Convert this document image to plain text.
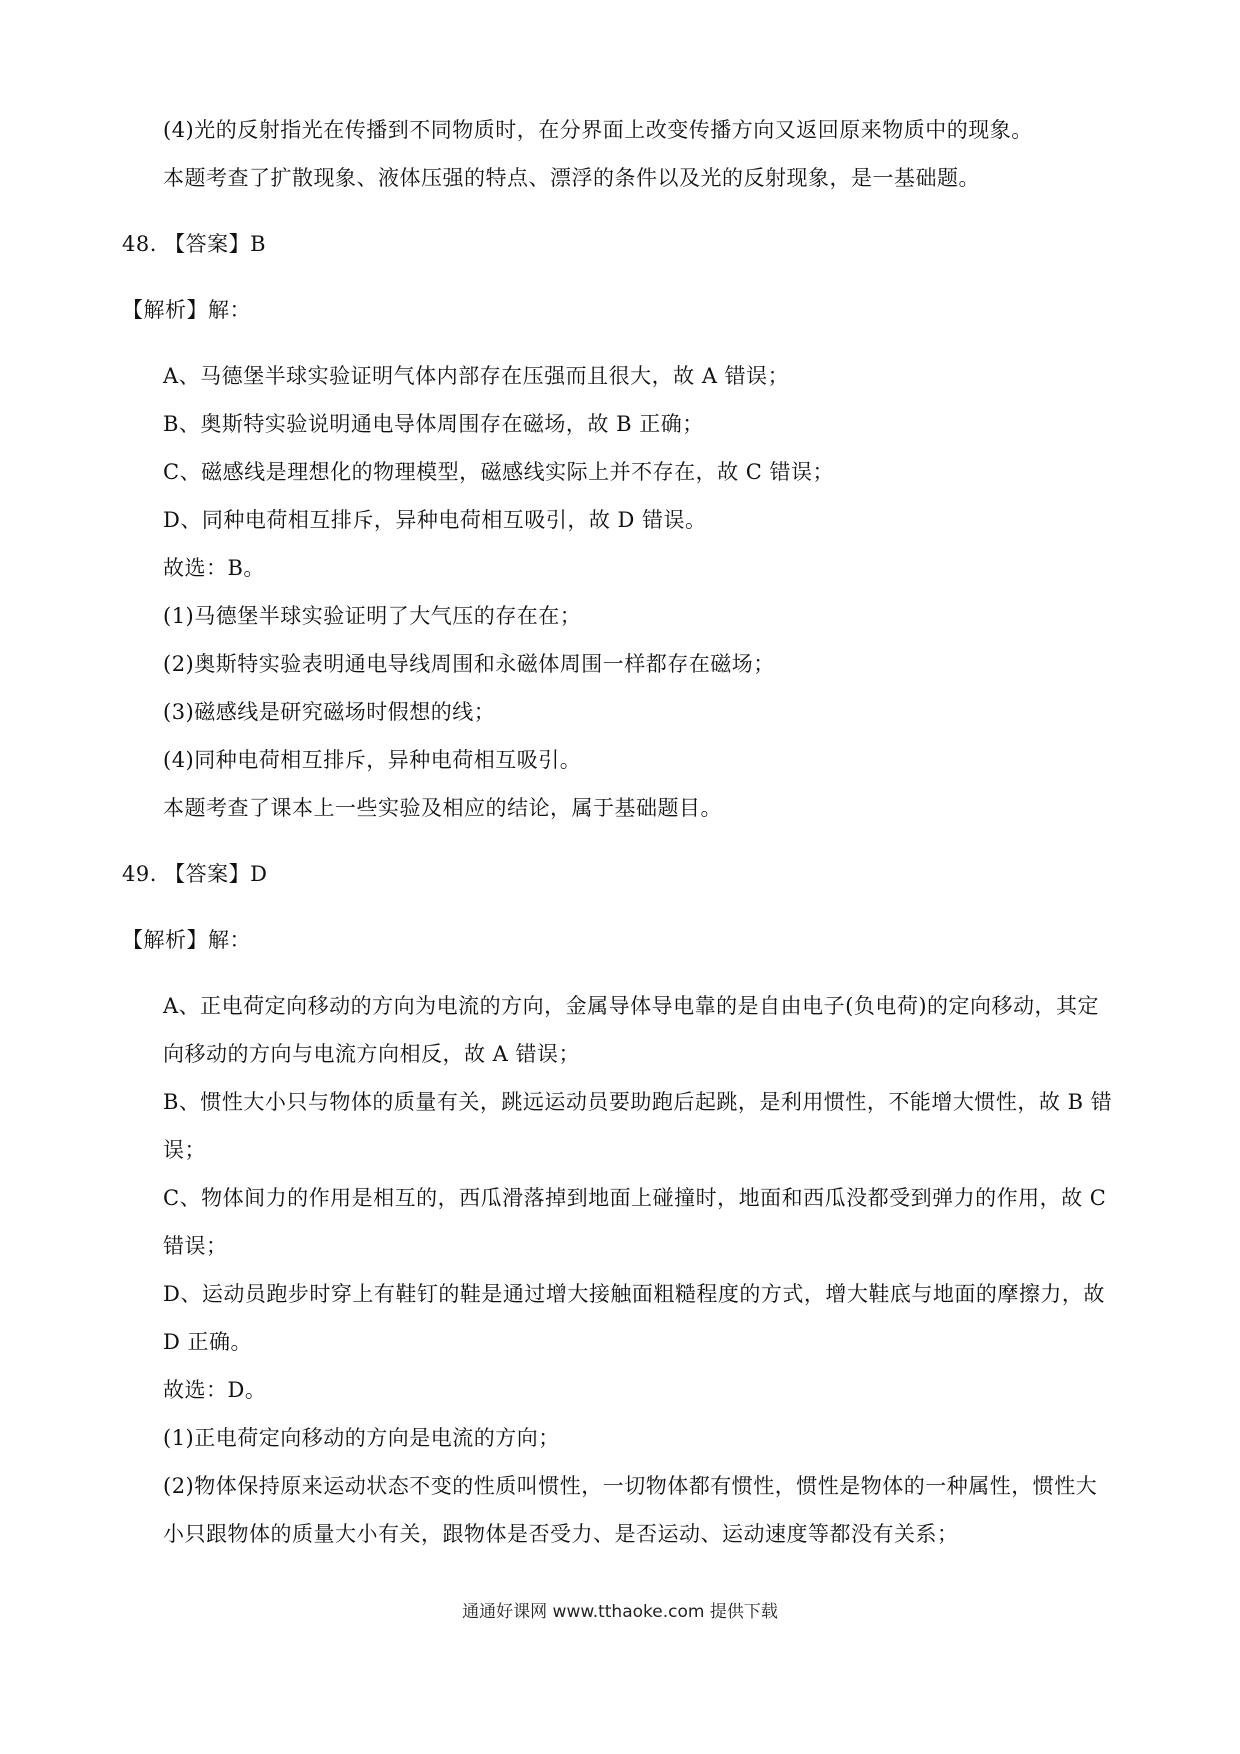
(4)光的反射指光在传播到不同物质时，在分界面上改变传播方向又返回原来物质中的现象。
本题考查了扩散现象、液体压强的特点、漂浮的条件以及光的反射现象，是一基础题。
48. 【答案】B
【解析】解：
A、马德堡半球实验证明气体内部存在压强而且很大，故 A 错误；
B、奥斯特实验说明通电导体周围存在磁场，故 B 正确；
C、磁感线是理想化的物理模型，磁感线实际上并不存在，故 C 错误；
D、同种电荷相互排斥，异种电荷相互吸引，故 D 错误。
故选：B。
(1)马德堡半球实验证明了大气压的存在在；
(2)奥斯特实验表明通电导线周围和永磁体周围一样都存在磁场；
(3)磁感线是研究磁场时假想的线；
(4)同种电荷相互排斥，异种电荷相互吸引。
本题考查了课本上一些实验及相应的结论，属于基础题目。
49. 【答案】D
【解析】解：
A、正电荷定向移动的方向为电流的方向，金属导体导电靠的是自由电子(负电荷)的定向移动，其定
向移动的方向与电流方向相反，故 A 错误；
B、惯性大小只与物体的质量有关，跳远运动员要助跑后起跳，是利用惯性，不能增大惯性，故 B 错
误；
C、物体间力的作用是相互的，西瓜滑落掉到地面上碰撞时，地面和西瓜没都受到弹力的作用，故 C
错误；
D、运动员跑步时穿上有鞋钉的鞋是通过增大接触面粗糙程度的方式，增大鞋底与地面的摩擦力，故
D 正确。
故选：D。
(1)正电荷定向移动的方向是电流的方向；
(2)物体保持原来运动状态不变的性质叫惯性，一切物体都有惯性，惯性是物体的一种属性，惯性大
小只跟物体的质量大小有关，跟物体是否受力、是否运动、运动速度等都没有关系；
通通好课网 www.tthaoke.com 提供下载
